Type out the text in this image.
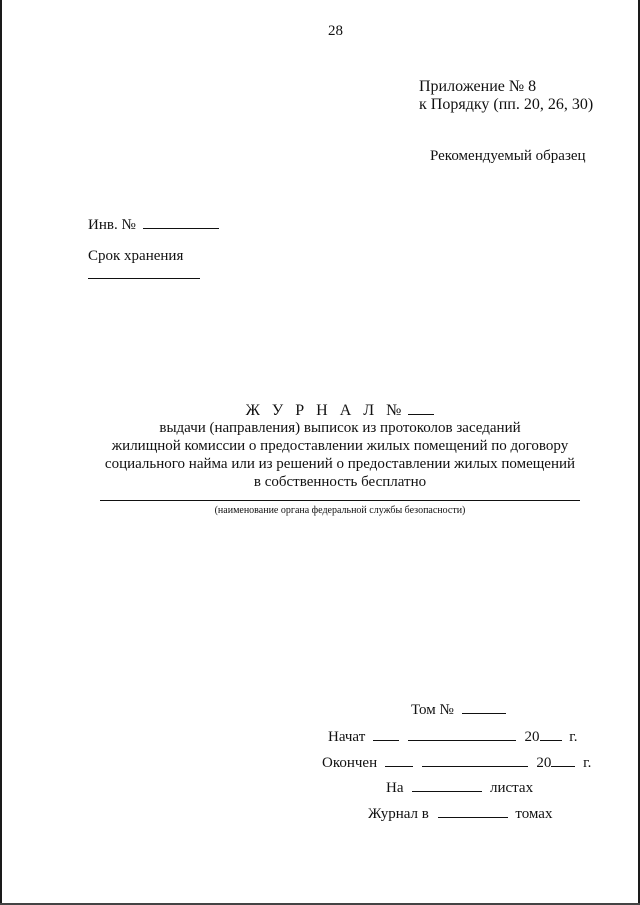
28
Приложение № 8
к Порядку (пп. 20, 26, 30)
Рекомендуемый образец
Инв. №
Срок хранения
Ж У Р Н А Л №
выдачи (направления) выписок из протоколов заседаний
жилищной комиссии о предоставлении жилых помещений по договору
социального найма или из решений о предоставлении жилых помещений
в собственность бесплатно
(наименование органа федеральной службы безопасности)
Том №
Начат	20 г.
Окончен	20 г.
На	листах
Журнал в	томах
